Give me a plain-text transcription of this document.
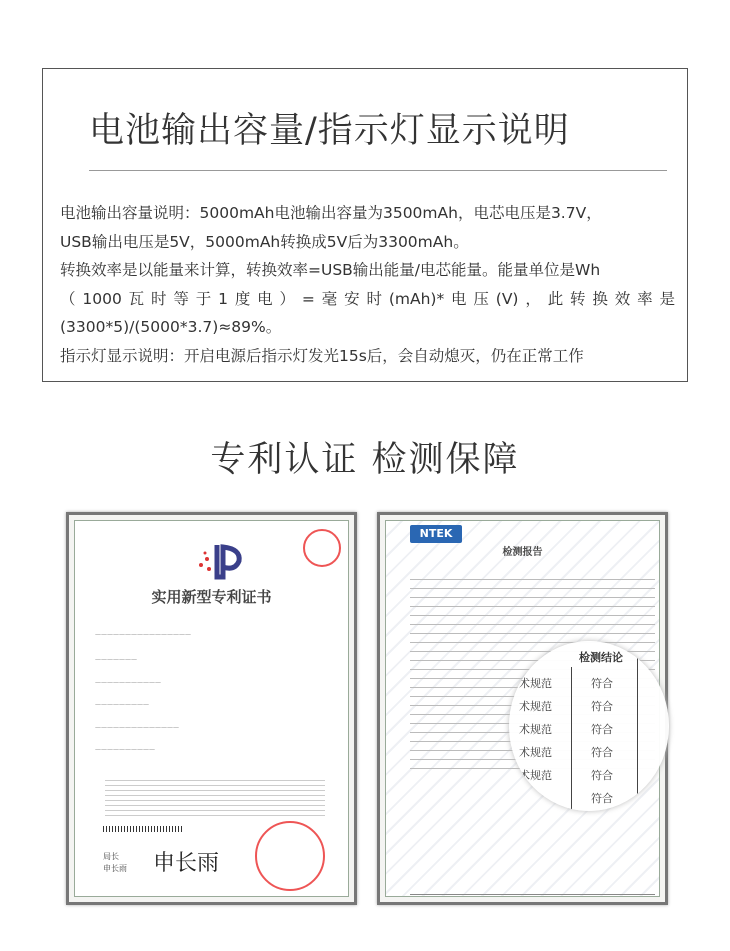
电池输出容量/指示灯显示说明

电池输出容量说明：5000mAh电池输出容量为3500mAh，电芯电压是3.7V，

USB输出电压是5V，5000mAh转换成5V后为3300mAh。

转换效率是以能量来计算，转换效率=USB输出能量/电芯能量。能量单位是Wh

（1000瓦时等于1度电）=毫安时(mAh)*电压(V)，此转换效率是

(3300*5)/(5000*3.7)≈89%。

指示灯显示说明：开启电源后指示灯发光15s后，会自动熄灭，仍在正常工作

专利认证 检测保障
实用新型专利证书
————————————————
———————
———————————
—————————
——————————————
——————————
局长
申长雨 申长雨
NTEK
检测报告
检测结论
术规范
术规范
术规范
术规范
术规范
符合
符合
符合
符合
符合
符合
